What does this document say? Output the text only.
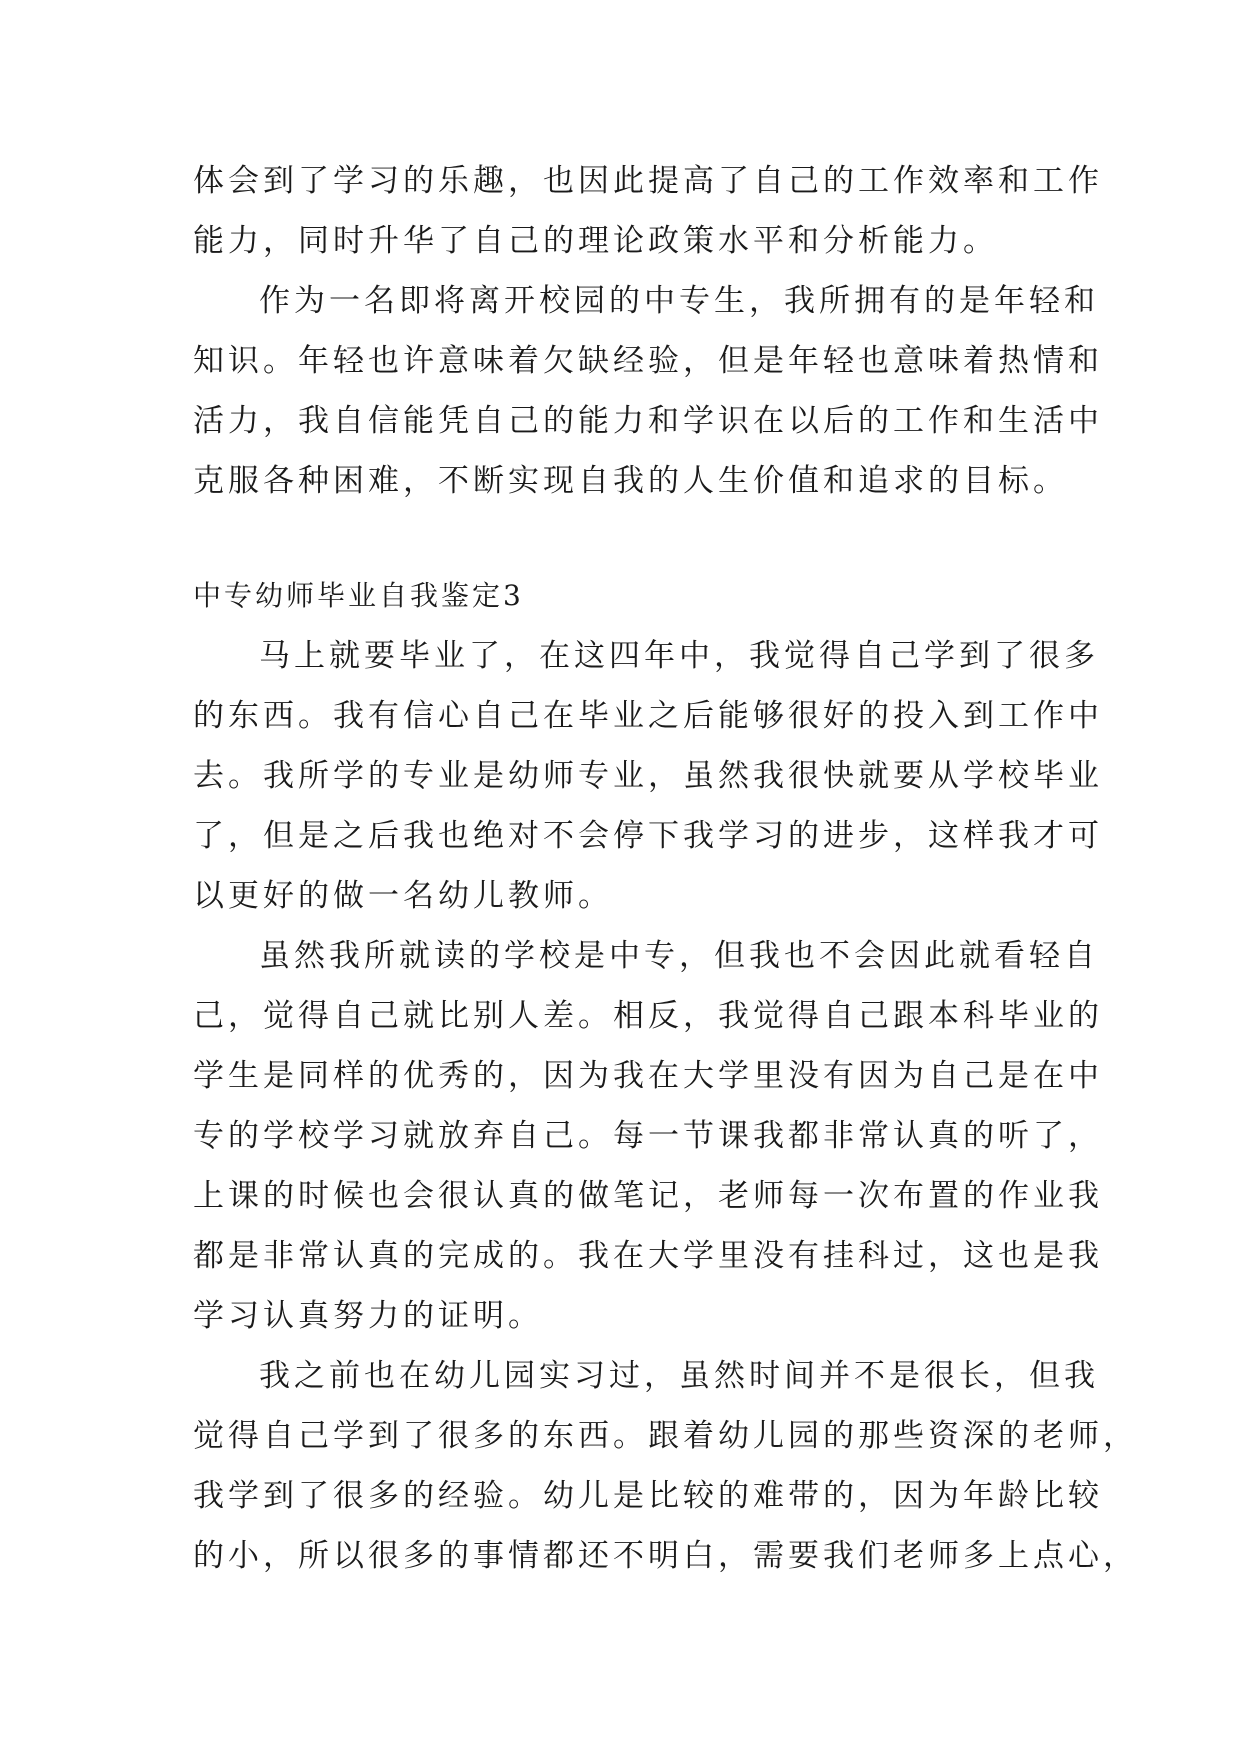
体会到了学习的乐趣，也因此提高了自己的工作效率和工作
能力，同时升华了自己的理论政策水平和分析能力。
作为一名即将离开校园的中专生，我所拥有的是年轻和
知识。年轻也许意味着欠缺经验，但是年轻也意味着热情和
活力，我自信能凭自己的能力和学识在以后的工作和生活中
克服各种困难，不断实现自我的人生价值和追求的目标。
中专幼师毕业自我鉴定3
马上就要毕业了，在这四年中，我觉得自己学到了很多
的东西。我有信心自己在毕业之后能够很好的投入到工作中
去。我所学的专业是幼师专业，虽然我很快就要从学校毕业
了，但是之后我也绝对不会停下我学习的进步，这样我才可
以更好的做一名幼儿教师。
虽然我所就读的学校是中专，但我也不会因此就看轻自
己，觉得自己就比别人差。相反，我觉得自己跟本科毕业的
学生是同样的优秀的，因为我在大学里没有因为自己是在中
专的学校学习就放弃自己。每一节课我都非常认真的听了，
上课的时候也会很认真的做笔记，老师每一次布置的作业我
都是非常认真的完成的。我在大学里没有挂科过，这也是我
学习认真努力的证明。
我之前也在幼儿园实习过，虽然时间并不是很长，但我
觉得自己学到了很多的东西。跟着幼儿园的那些资深的老师，
我学到了很多的经验。幼儿是比较的难带的，因为年龄比较
的小，所以很多的事情都还不明白，需要我们老师多上点心，
